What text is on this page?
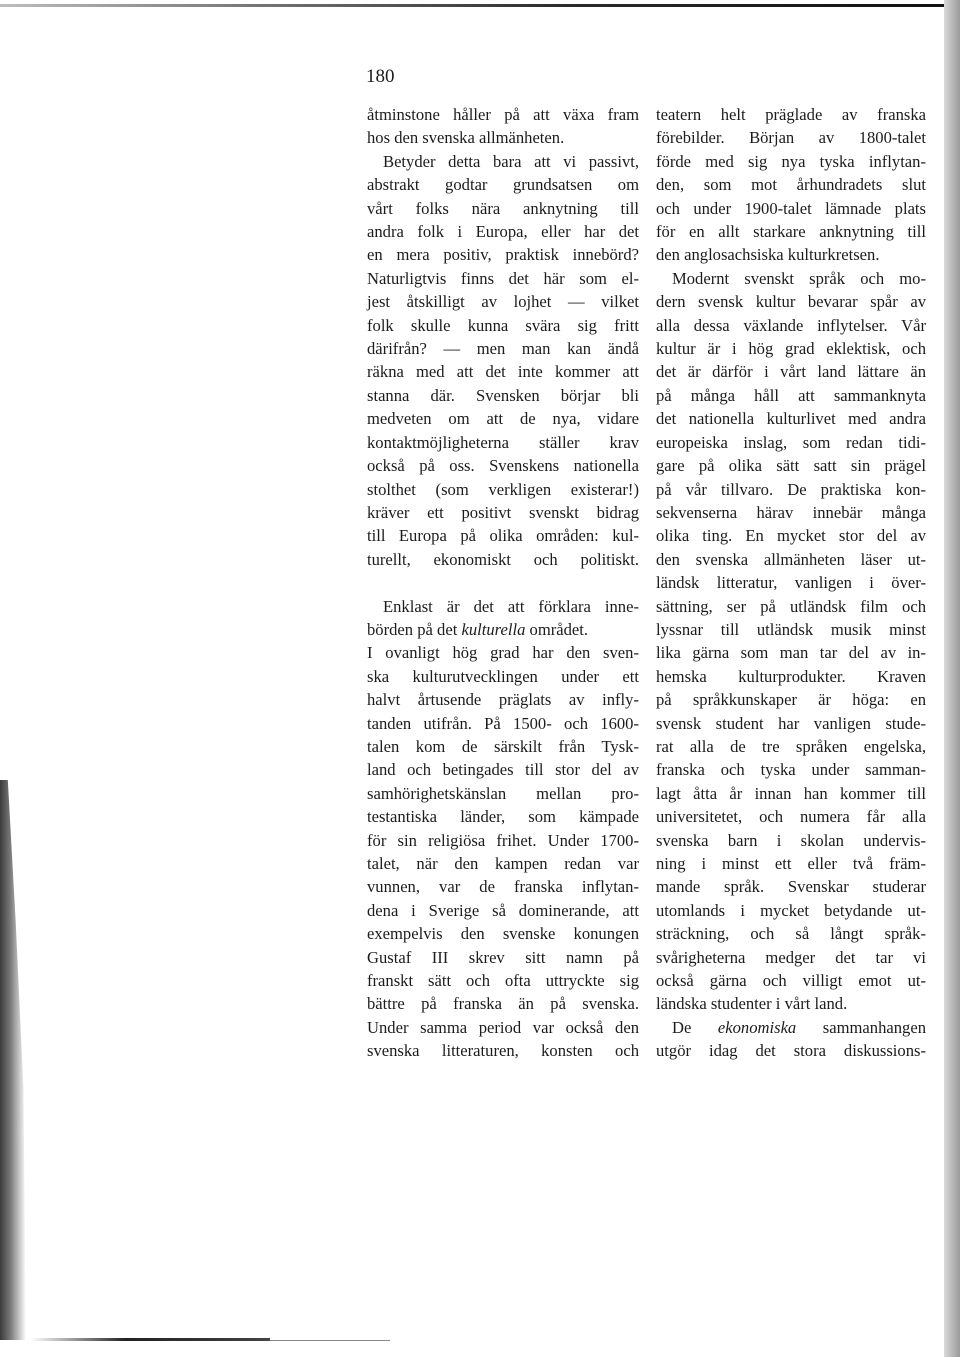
180
åtminstone håller på att växa fram
hos den svenska allmänheten.
Betyder detta bara att vi passivt,
abstrakt godtar grundsatsen om
vårt folks nära anknytning till
andra folk i Europa, eller har det
en mera positiv, praktisk innebörd?
Naturligtvis finns det här som el-
jest åtskilligt av lojhet — vilket
folk skulle kunna svära sig fritt
därifrån? — men man kan ändå
räkna med att det inte kommer att
stanna där. Svensken börjar bli
medveten om att de nya, vidare
kontaktmöjligheterna ställer krav
också på oss. Svenskens nationella
stolthet (som verkligen existerar!)
kräver ett positivt svenskt bidrag
till Europa på olika områden: kul-
turellt, ekonomiskt och politiskt.
Enklast är det att förklara inne-
börden på det kulturella området.
I ovanligt hög grad har den sven-
ska kulturutvecklingen under ett
halvt årtusende präglats av infly-
tanden utifrån. På 1500- och 1600-
talen kom de särskilt från Tysk-
land och betingades till stor del av
samhörighetskänslan mellan pro-
testantiska länder, som kämpade
för sin religiösa frihet. Under 1700-
talet, när den kampen redan var
vunnen, var de franska inflytan-
dena i Sverige så dominerande, att
exempelvis den svenske konungen
Gustaf III skrev sitt namn på
franskt sätt och ofta uttryckte sig
bättre på franska än på svenska.
Under samma period var också den
svenska litteraturen, konsten och
teatern helt präglade av franska
förebilder. Början av 1800-talet
förde med sig nya tyska inflytan-
den, som mot århundradets slut
och under 1900-talet lämnade plats
för en allt starkare anknytning till
den anglosachsiska kulturkretsen.
Modernt svenskt språk och mo-
dern svensk kultur bevarar spår av
alla dessa växlande inflytelser. Vår
kultur är i hög grad eklektisk, och
det är därför i vårt land lättare än
på många håll att sammanknyta
det nationella kulturlivet med andra
europeiska inslag, som redan tidi-
gare på olika sätt satt sin prägel
på vår tillvaro. De praktiska kon-
sekvenserna härav innebär många
olika ting. En mycket stor del av
den svenska allmänheten läser ut-
ländsk litteratur, vanligen i över-
sättning, ser på utländsk film och
lyssnar till utländsk musik minst
lika gärna som man tar del av in-
hemska kulturprodukter. Kraven
på språkkunskaper är höga: en
svensk student har vanligen stude-
rat alla de tre språken engelska,
franska och tyska under samman-
lagt åtta år innan han kommer till
universitetet, och numera får alla
svenska barn i skolan undervis-
ning i minst ett eller två främ-
mande språk. Svenskar studerar
utomlands i mycket betydande ut-
sträckning, och så långt språk-
svårigheterna medger det tar vi
också gärna och villigt emot ut-
ländska studenter i vårt land.
De ekonomiska sammanhangen
utgör idag det stora diskussions-
